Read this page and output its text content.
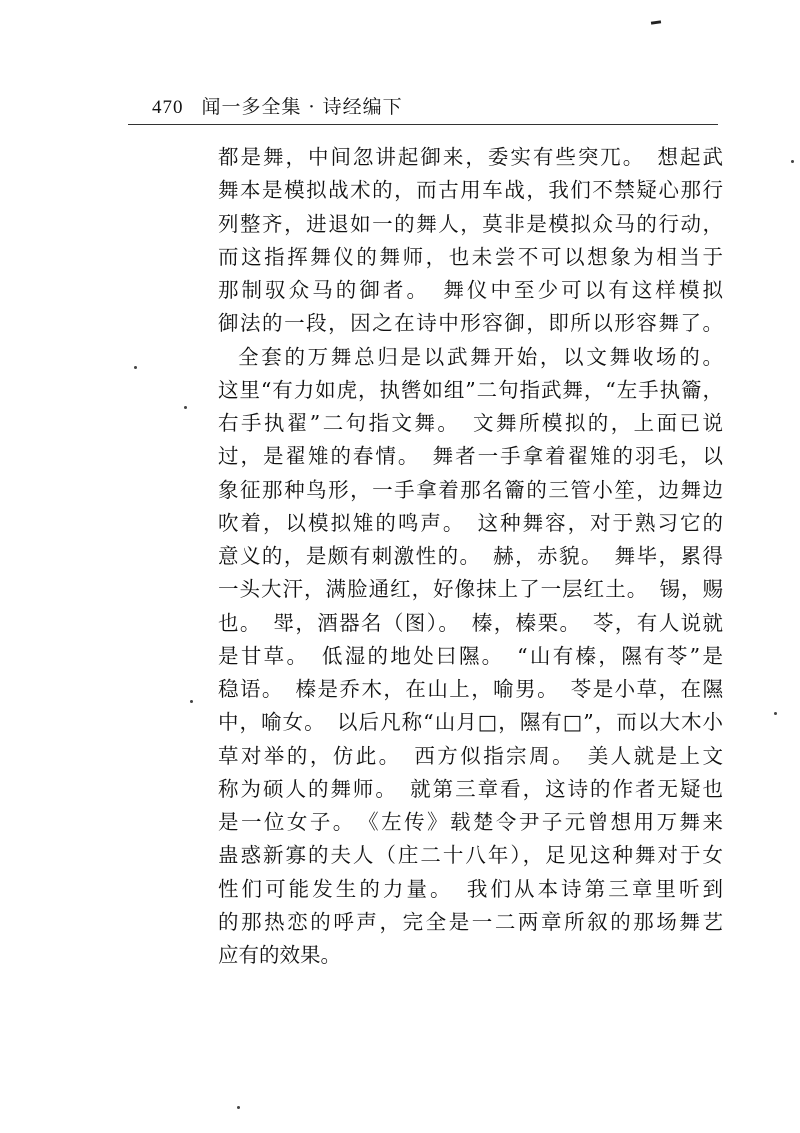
470 闻一多全集 · 诗经编下
都是舞，中间忽讲起御来，委实有些突兀。　想起武
舞本是模拟战术的，而古用车战，我们不禁疑心那行
列整齐，进退如一的舞人，莫非是模拟众马的行动，
而这指挥舞仪的舞师，也未尝不可以想象为相当于
那制驭众马的御者。　舞仪中至少可以有这样模拟
御法的一段，因之在诗中形容御，即所以形容舞了。
全套的万舞总归是以武舞开始，以文舞收场的。
这里“有力如虎，执辔如组”二句指武舞，“左手执籥，
右手执翟”二句指文舞。　文舞所模拟的，上面已说
过，是翟雉的春情。　舞者一手拿着翟雉的羽毛，以
象征那种鸟形，一手拿着那名籥的三管小笙，边舞边
吹着，以模拟雉的鸣声。　这种舞容，对于熟习它的
意义的，是颇有刺激性的。　赫，赤貌。　舞毕，累得
一头大汗，满脸通红，好像抹上了一层红土。　锡，赐
也。　斝，酒器名（图）。　榛，榛栗。　苓，有人说就
是甘草。　低湿的地处曰隰。　“山有榛，隰有苓”是
稳语。　榛是乔木，在山上，喻男。　苓是小草，在隰
中，喻女。　以后凡称“山月□，隰有□”，而以大木小
草对举的，仿此。　西方似指宗周。　美人就是上文
称为硕人的舞师。　就第三章看，这诗的作者无疑也
是一位女子。　《左传》载楚令尹子元曾想用万舞来
蛊惑新寡的夫人（庄二十八年），足见这种舞对于女
性们可能发生的力量。　我们从本诗第三章里听到
的那热恋的呼声，完全是一二两章所叙的那场舞艺
应有的效果。
